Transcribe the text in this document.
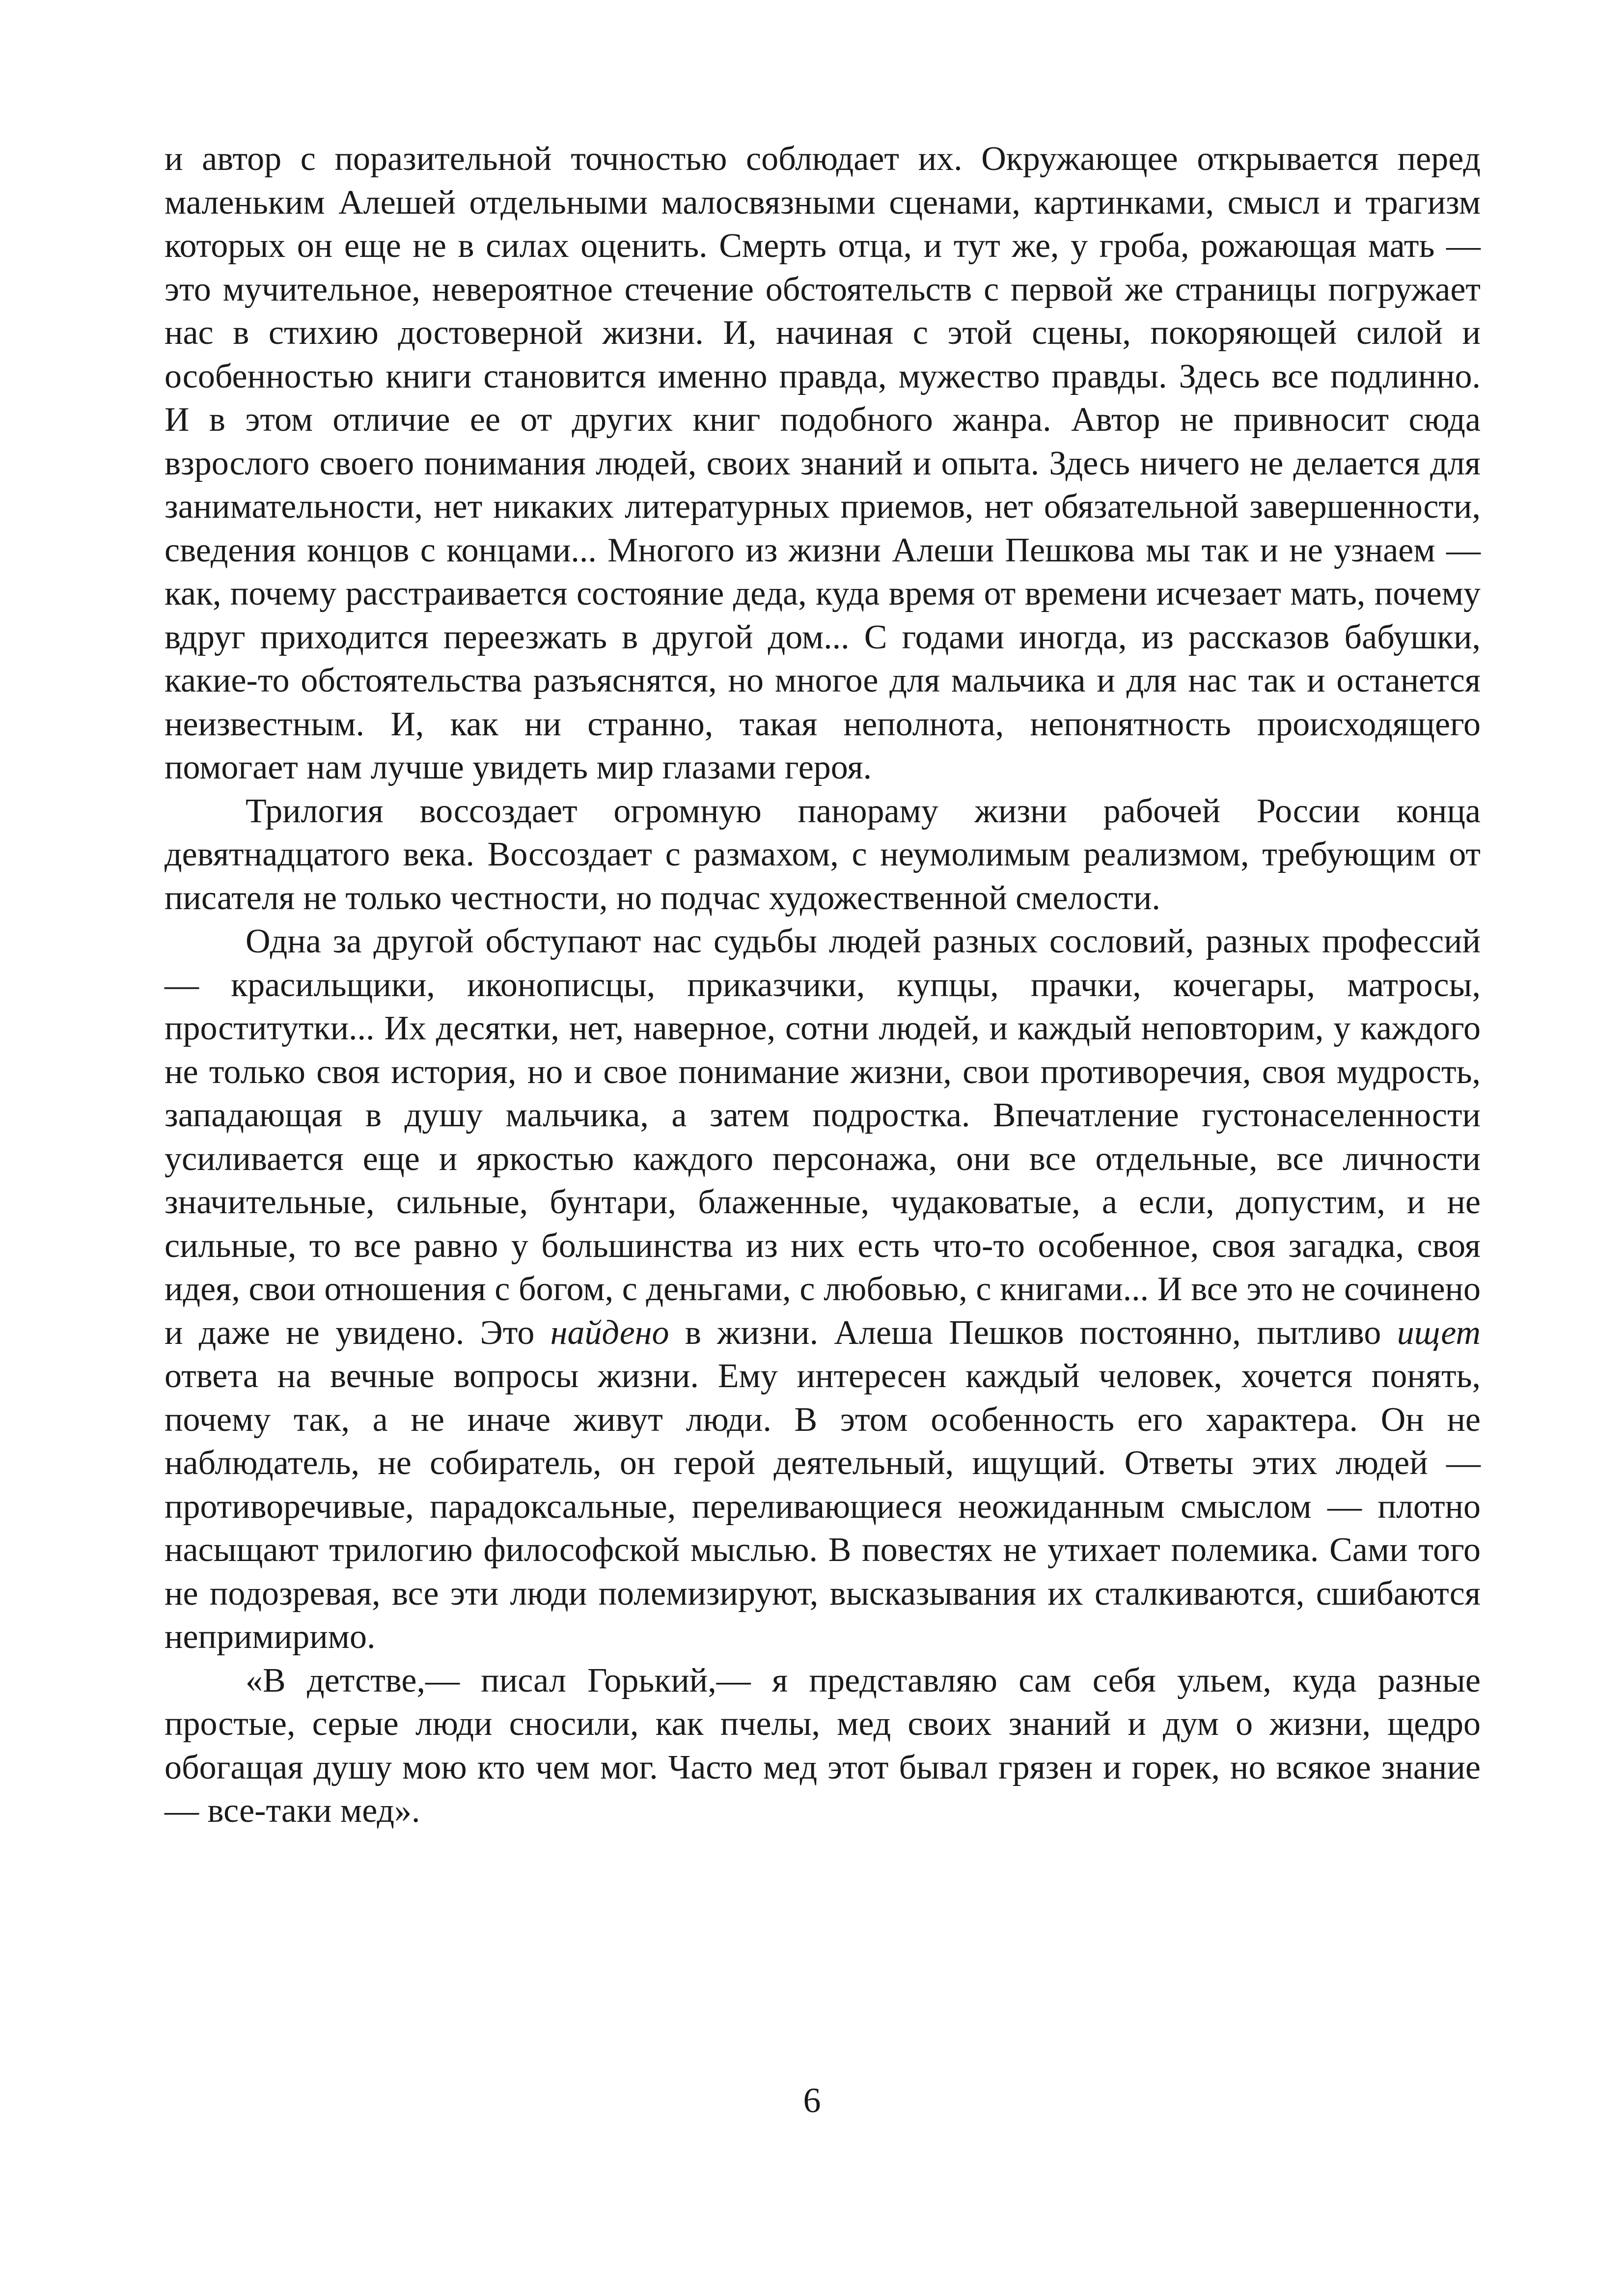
и автор с поразительной точностью соблюдает их. Окружающее открывается перед маленьким Алешей отдельными малосвязными сценами, картинками, смысл и трагизм которых он еще не в силах оценить. Смерть отца, и тут же, у гроба, рожающая мать — это мучительное, невероятное стечение обстоятельств с первой же страницы погружает нас в стихию достоверной жизни. И, начиная с этой сцены, покоряющей силой и особенностью книги становится именно правда, мужество правды. Здесь все подлинно. И в этом отличие ее от других книг подобного жанра. Автор не привносит сюда взрослого своего понимания людей, своих знаний и опыта. Здесь ничего не делается для занимательности, нет никаких литературных приемов, нет обязательной завершенности, сведения концов с концами... Многого из жизни Алеши Пешкова мы так и не узнаем — как, почему расстраивается состояние деда, куда время от времени исчезает мать, почему вдруг приходится переезжать в другой дом... С годами иногда, из рассказов бабушки, какие-то обстоятельства разъяснятся, но многое для мальчика и для нас так и останется неизвестным. И, как ни странно, такая неполнота, непонятность происходящего помогает нам лучше увидеть мир глазами героя.

Трилогия воссоздает огромную панораму жизни рабочей России конца девятнадцатого века. Воссоздает с размахом, с неумолимым реализмом, требующим от писателя не только честности, но подчас художественной смелости.

Одна за другой обступают нас судьбы людей разных сословий, разных профессий — красильщики, иконописцы, приказчики, купцы, прачки, кочегары, матросы, проститутки... Их десятки, нет, наверное, сотни людей, и каждый неповторим, у каждого не только своя история, но и свое понимание жизни, свои противоречия, своя мудрость, западающая в душу мальчика, а затем подростка. Впечатление густонаселенности усиливается еще и яркостью каждого персонажа, они все отдельные, все личности значительные, сильные, бунтари, блаженные, чудаковатые, а если, допустим, и не сильные, то все равно у большинства из них есть что-то особенное, своя загадка, своя идея, свои отношения с богом, с деньгами, с любовью, с книгами... И все это не сочинено и даже не увидено. Это найдено в жизни. Алеша Пешков постоянно, пытливо ищет ответа на вечные вопросы жизни. Ему интересен каждый человек, хочется понять, почему так, а не иначе живут люди. В этом особенность его характера. Он не наблюдатель, не собиратель, он герой деятельный, ищущий. Ответы этих людей — противоречивые, парадоксальные, переливающиеся неожиданным смыслом — плотно насыщают трилогию философской мыслью. В повестях не утихает полемика. Сами того не подозревая, все эти люди полемизируют, высказывания их сталкиваются, сшибаются непримиримо.

«В детстве,— писал Горький,— я представляю сам себя ульем, куда разные простые, серые люди сносили, как пчелы, мед своих знаний и дум о жизни, щедро обогащая душу мою кто чем мог. Часто мед этот бывал грязен и горек, но всякое знание — все-таки мед».

6
